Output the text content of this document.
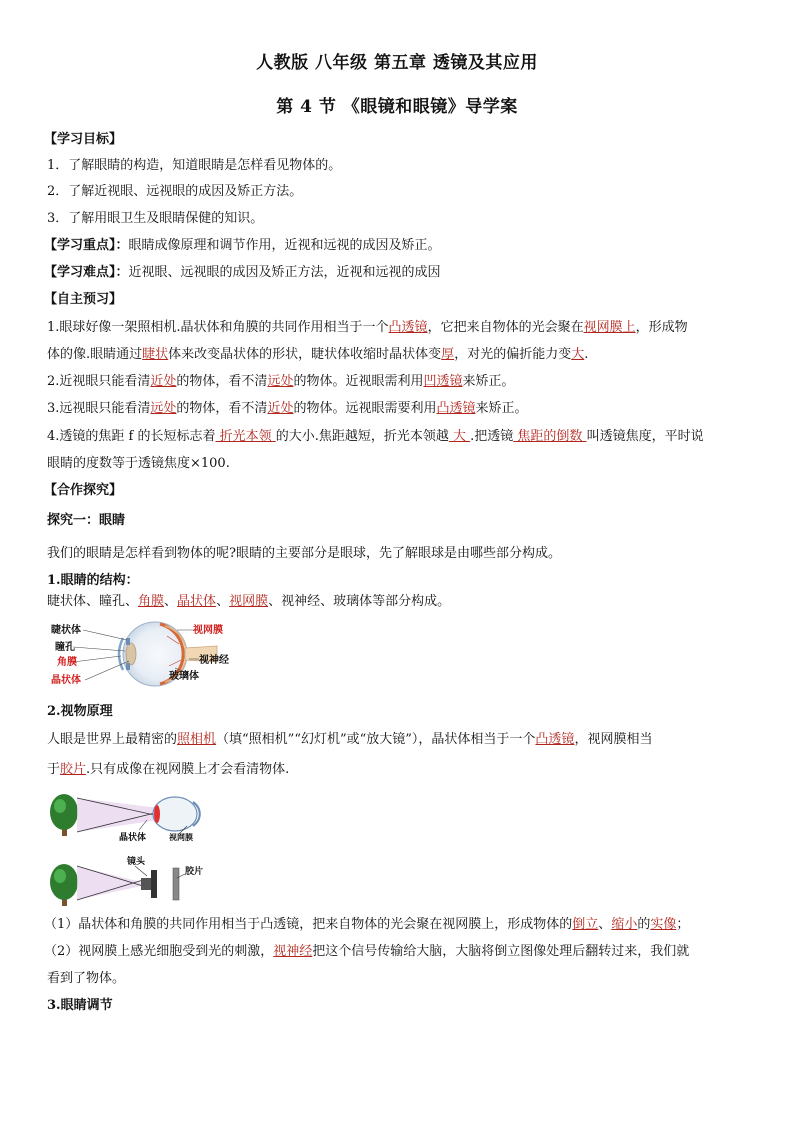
人教版 八年级 第五章 透镜及其应用
第 4 节 《眼镜和眼镜》导学案
【学习目标】
1．了解眼睛的构造，知道眼睛是怎样看见物体的。
2．了解近视眼、远视眼的成因及矫正方法。
3．了解用眼卫生及眼睛保健的知识。
【学习重点】：眼睛成像原理和调节作用，近视和远视的成因及矫正。
【学习难点】：近视眼、远视眼的成因及矫正方法，近视和远视的成因
【自主预习】
1.眼球好像一架照相机.晶状体和角膜的共同作用相当于一个凸透镜，它把来自物体的光会聚在视网膜上，形成物
体的像.眼睛通过睫状体来改变晶状体的形状，睫状体收缩时晶状体变厚，对光的偏折能力变大.
2.近视眼只能看清近处的物体，看不清远处的物体。近视眼需利用凹透镜来矫正。
3.远视眼只能看清远处的物体，看不清近处的物体。远视眼需要利用凸透镜来矫正。
4.透镜的焦距 f 的长短标志着 折光本领 的大小.焦距越短，折光本领越 大 .把透镜 焦距的倒数 叫透镜焦度，平时说
眼睛的度数等于透镜焦度×100.
【合作探究】
探究一：眼睛
我们的眼睛是怎样看到物体的呢?眼睛的主要部分是眼球，先了解眼球是由哪些部分构成。
1.眼睛的结构：
睫状体、瞳孔、角膜、晶状体、视网膜、视神经、玻璃体等部分构成。
睫状体
瞳孔
角膜
晶状体
视网膜
视神经
玻璃体
2.视物原理
人眼是世界上最精密的照相机（填“照相机”“幻灯机”或“放大镜”），晶状体相当于一个凸透镜，视网膜相当
于胶片.只有成像在视网膜上才会看清物体.
晶状体	视网膜
镜头
胶片
（1）晶状体和角膜的共同作用相当于凸透镜，把来自物体的光会聚在视网膜上，形成物体的倒立、缩小的实像；
（2）视网膜上感光细胞受到光的刺激，视神经把这个信号传输给大脑，大脑将倒立图像处理后翻转过来，我们就
看到了物体。
3.眼睛调节
